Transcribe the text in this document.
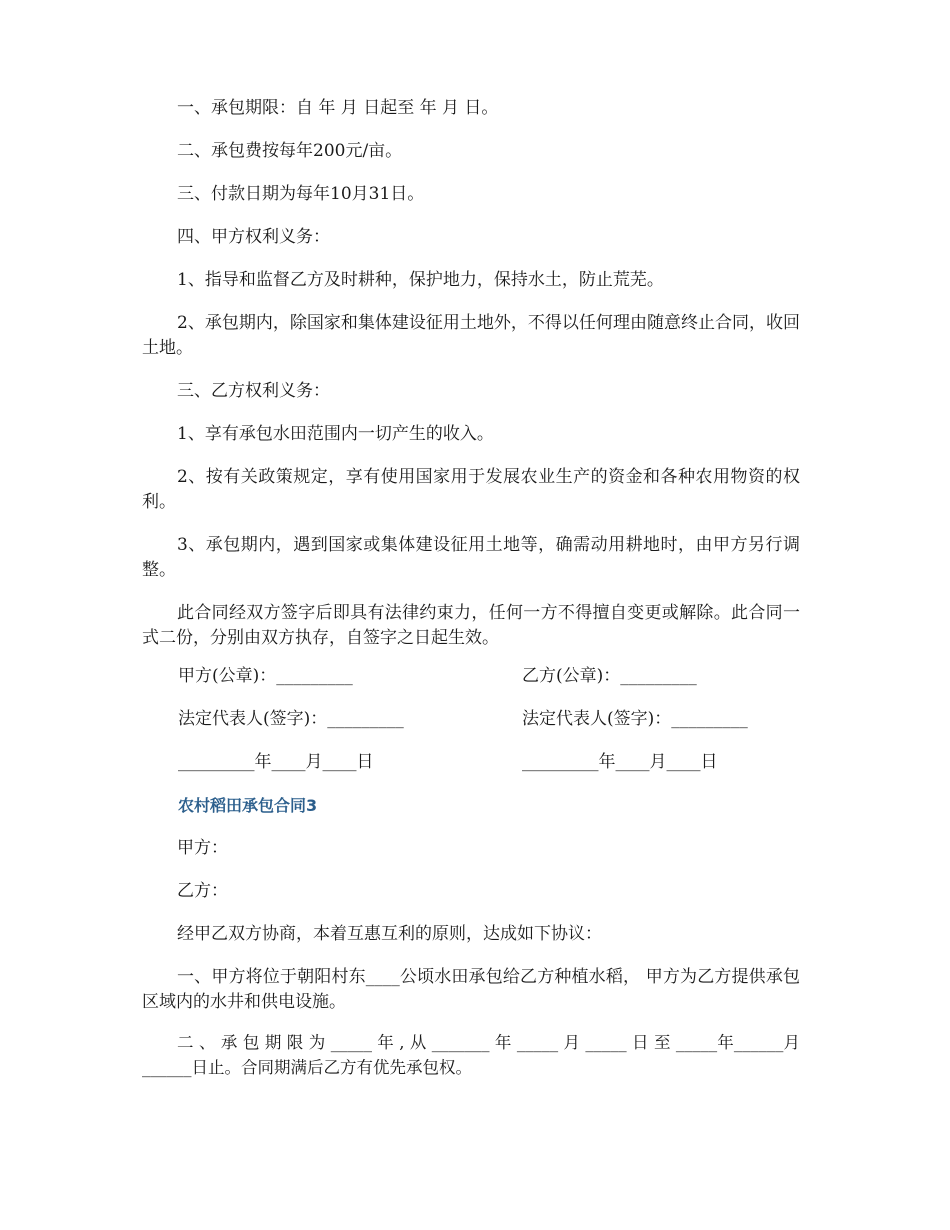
一、承包期限：自 年 月 日起至 年 月 日。

二、承包费按每年200元/亩。

三、付款日期为每年10月31日。

四、甲方权利义务：

1、指导和监督乙方及时耕种，保护地力，保持水土，防止荒芜。

2、承包期内，除国家和集体建设征用土地外，不得以任何理由随意终止合同，收回土地。

三、乙方权利义务：

1、享有承包水田范围内一切产生的收入。

2、按有关政策规定，享有使用国家用于发展农业生产的资金和各种农用物资的权利。

3、承包期内，遇到国家或集体建设征用土地等，确需动用耕地时，由甲方另行调整。

此合同经双方签字后即具有法律约束力，任何一方不得擅自变更或解除。此合同一式二份，分别由双方执存，自签字之日起生效。

甲方(公章)：_________	乙方(公章)：_________
法定代表人(签字)：_________	法定代表人(签字)：_________
_________年____月____日	_________年____月____日
农村稻田承包合同3

甲方：

乙方：

经甲乙双方协商，本着互惠互利的原则，达成如下协议：

一、甲方将位于朝阳村东____公顷水田承包给乙方种植水稻， 甲方为乙方提供承包区域内的水井和供电设施。

二 、 承 包 期 限 为 _____ 年 , 从 _______ 年 _____ 月 _____ 日 至 _____年______月______日止。合同期满后乙方有优先承包权。
